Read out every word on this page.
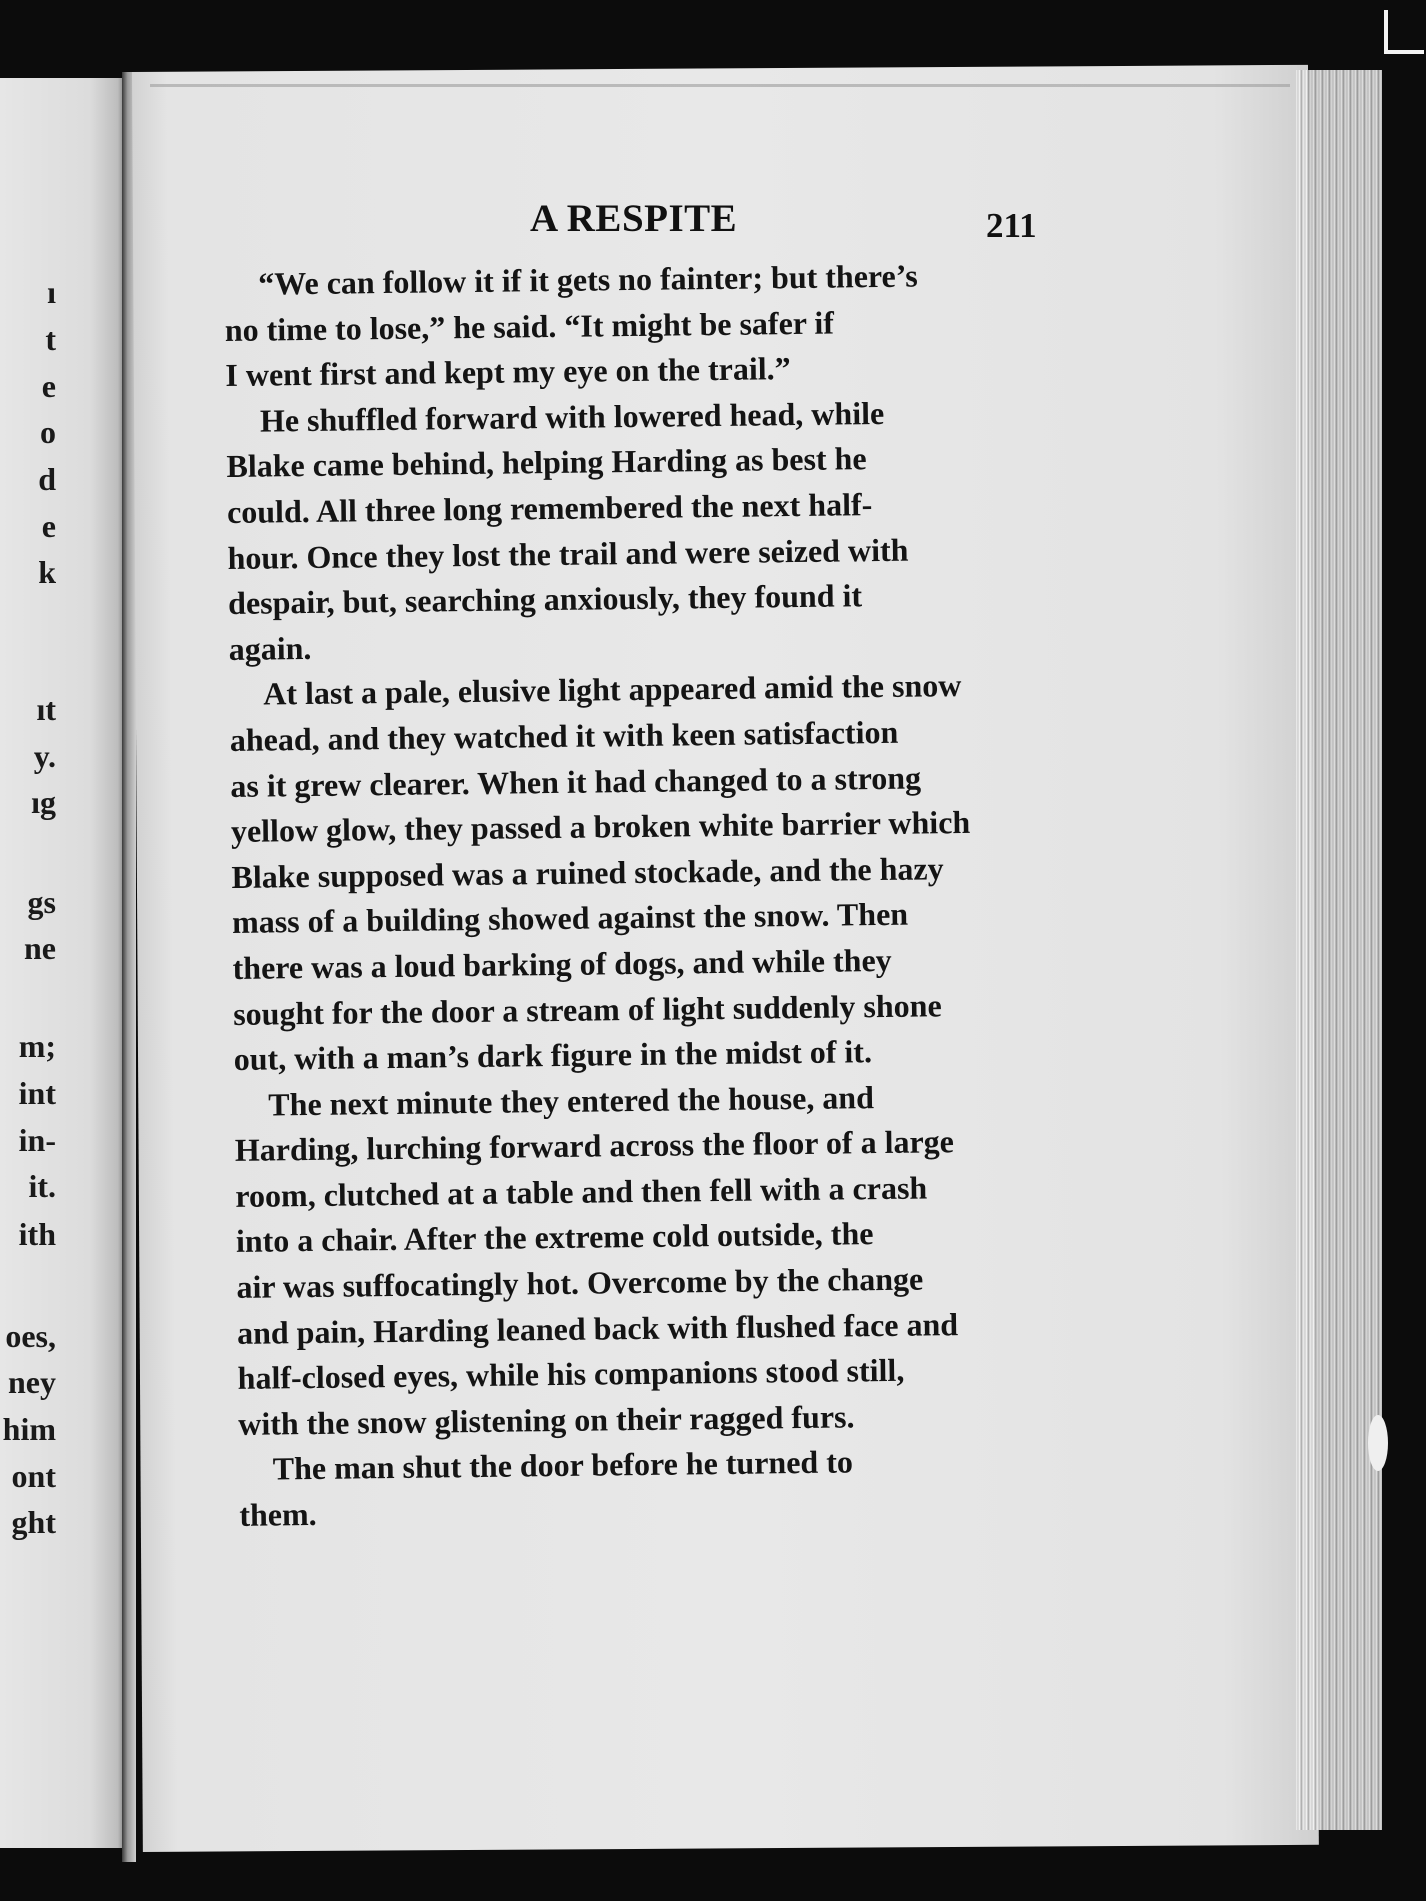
ı
t
e
o
d
e
k
ıt
y.
ıg
gs
ne
m;
int
in-
it.
ith
oes,
ney
him
ont
ght
A RESPITE	211
“We can follow it if it gets no fainter; but there’s
no time to lose,” he said. “It might be safer if
I went first and kept my eye on the trail.”
He shuffled forward with lowered head, while
Blake came behind, helping Harding as best he
could. All three long remembered the next half-
hour. Once they lost the trail and were seized with
despair, but, searching anxiously, they found it
again.
At last a pale, elusive light appeared amid the snow
ahead, and they watched it with keen satisfaction
as it grew clearer. When it had changed to a strong
yellow glow, they passed a broken white barrier which
Blake supposed was a ruined stockade, and the hazy
mass of a building showed against the snow. Then
there was a loud barking of dogs, and while they
sought for the door a stream of light suddenly shone
out, with a man’s dark figure in the midst of it.
The next minute they entered the house, and
Harding, lurching forward across the floor of a large
room, clutched at a table and then fell with a crash
into a chair. After the extreme cold outside, the
air was suffocatingly hot. Overcome by the change
and pain, Harding leaned back with flushed face and
half-closed eyes, while his companions stood still,
with the snow glistening on their ragged furs.
The man shut the door before he turned to
them.
